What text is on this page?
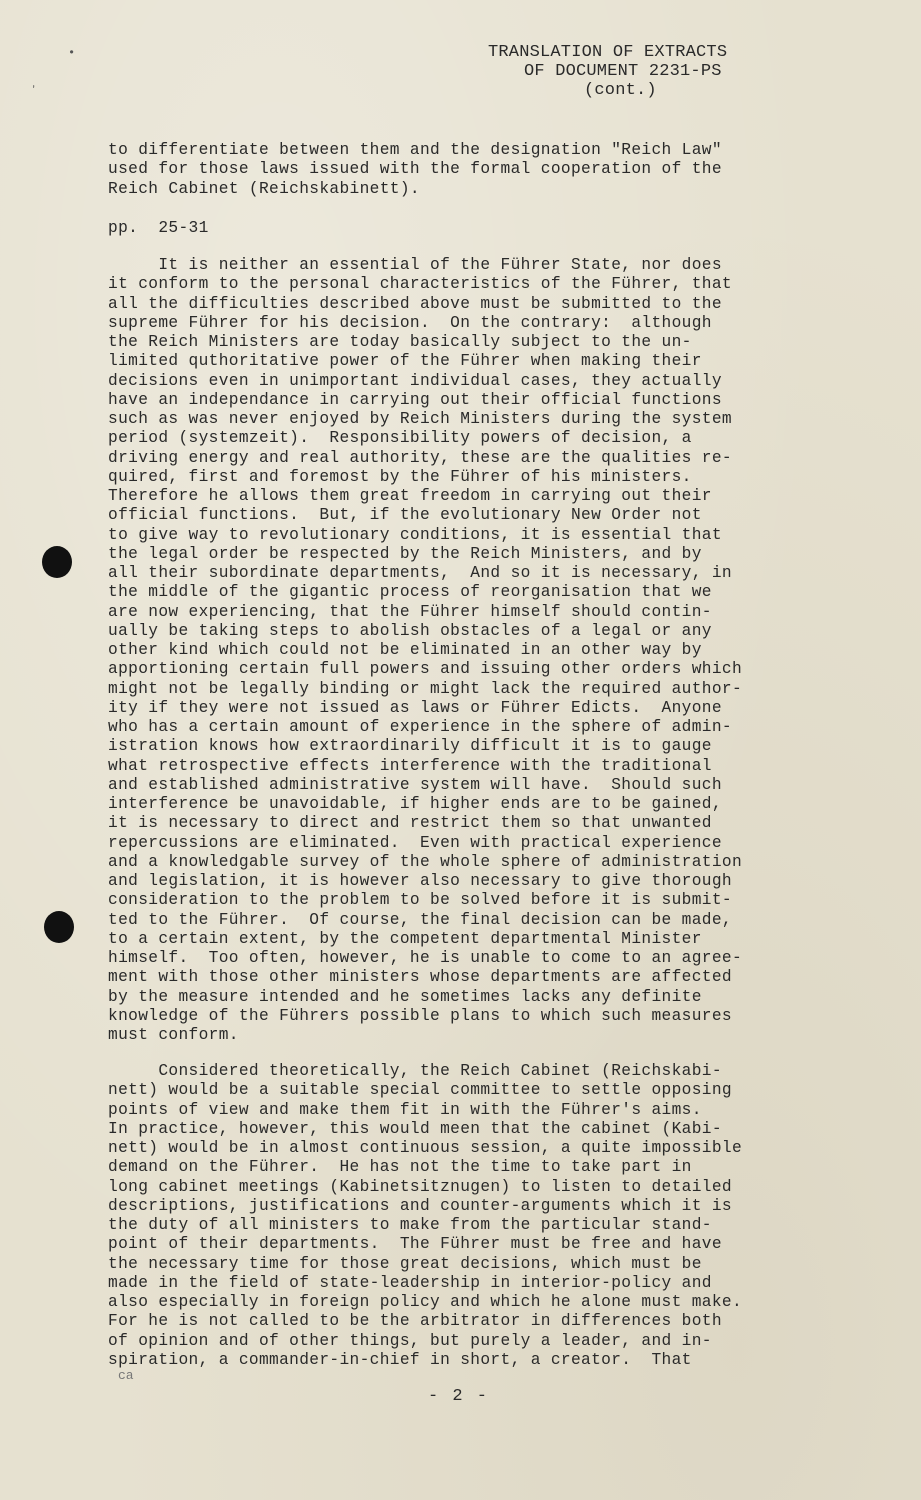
•
ʼ
TRANSLATION OF EXTRACTS
OF DOCUMENT 2231-PS
(cont.)
to differentiate between them and the designation "Reich Law"
used for those laws issued with the formal cooperation of the
Reich Cabinet (Reichskabinett).
pp.  25-31
It is neither an essential of the Führer State, nor does
it conform to the personal characteristics of the Führer, that
all the difficulties described above must be submitted to the
supreme Führer for his decision.  On the contrary:  although
the Reich Ministers are today basically subject to the un-
limited quthoritative power of the Führer when making their
decisions even in unimportant individual cases, they actually
have an independance in carrying out their official functions
such as was never enjoyed by Reich Ministers during the system
period (systemzeit).  Responsibility powers of decision, a
driving energy and real authority, these are the qualities re-
quired, first and foremost by the Führer of his ministers.
Therefore he allows them great freedom in carrying out their
official functions.  But, if the evolutionary New Order not
to give way to revolutionary conditions, it is essential that
the legal order be respected by the Reich Ministers, and by
all their subordinate departments,  And so it is necessary, in
the middle of the gigantic process of reorganisation that we
are now experiencing, that the Führer himself should contin-
ually be taking steps to abolish obstacles of a legal or any
other kind which could not be eliminated in an other way by
apportioning certain full powers and issuing other orders which
might not be legally binding or might lack the required author-
ity if they were not issued as laws or Führer Edicts.  Anyone
who has a certain amount of experience in the sphere of admin-
istration knows how extraordinarily difficult it is to gauge
what retrospective effects interference with the traditional
and established administrative system will have.  Should such
interference be unavoidable, if higher ends are to be gained,
it is necessary to direct and restrict them so that unwanted
repercussions are eliminated.  Even with practical experience
and a knowledgable survey of the whole sphere of administration
and legislation, it is however also necessary to give thorough
consideration to the problem to be solved before it is submit-
ted to the Führer.  Of course, the final decision can be made,
to a certain extent, by the competent departmental Minister
himself.  Too often, however, he is unable to come to an agree-
ment with those other ministers whose departments are affected
by the measure intended and he sometimes lacks any definite
knowledge of the Führers possible plans to which such measures
must conform.
Considered theoretically, the Reich Cabinet (Reichskabi-
nett) would be a suitable special committee to settle opposing
points of view and make them fit in with the Führer's aims.
In practice, however, this would meen that the cabinet (Kabi-
nett) would be in almost continuous session, a quite impossible
demand on the Führer.  He has not the time to take part in
long cabinet meetings (Kabinetsitznugen) to listen to detailed
descriptions, justifications and counter-arguments which it is
the duty of all ministers to make from the particular stand-
point of their departments.  The Führer must be free and have
the necessary time for those great decisions, which must be
made in the field of state-leadership in interior-policy and
also especially in foreign policy and which he alone must make.
For he is not called to be the arbitrator in differences both
of opinion and of other things, but purely a leader, and in-
spiration, a commander-in-chief in short, a creator.  That
ca
- 2 -
